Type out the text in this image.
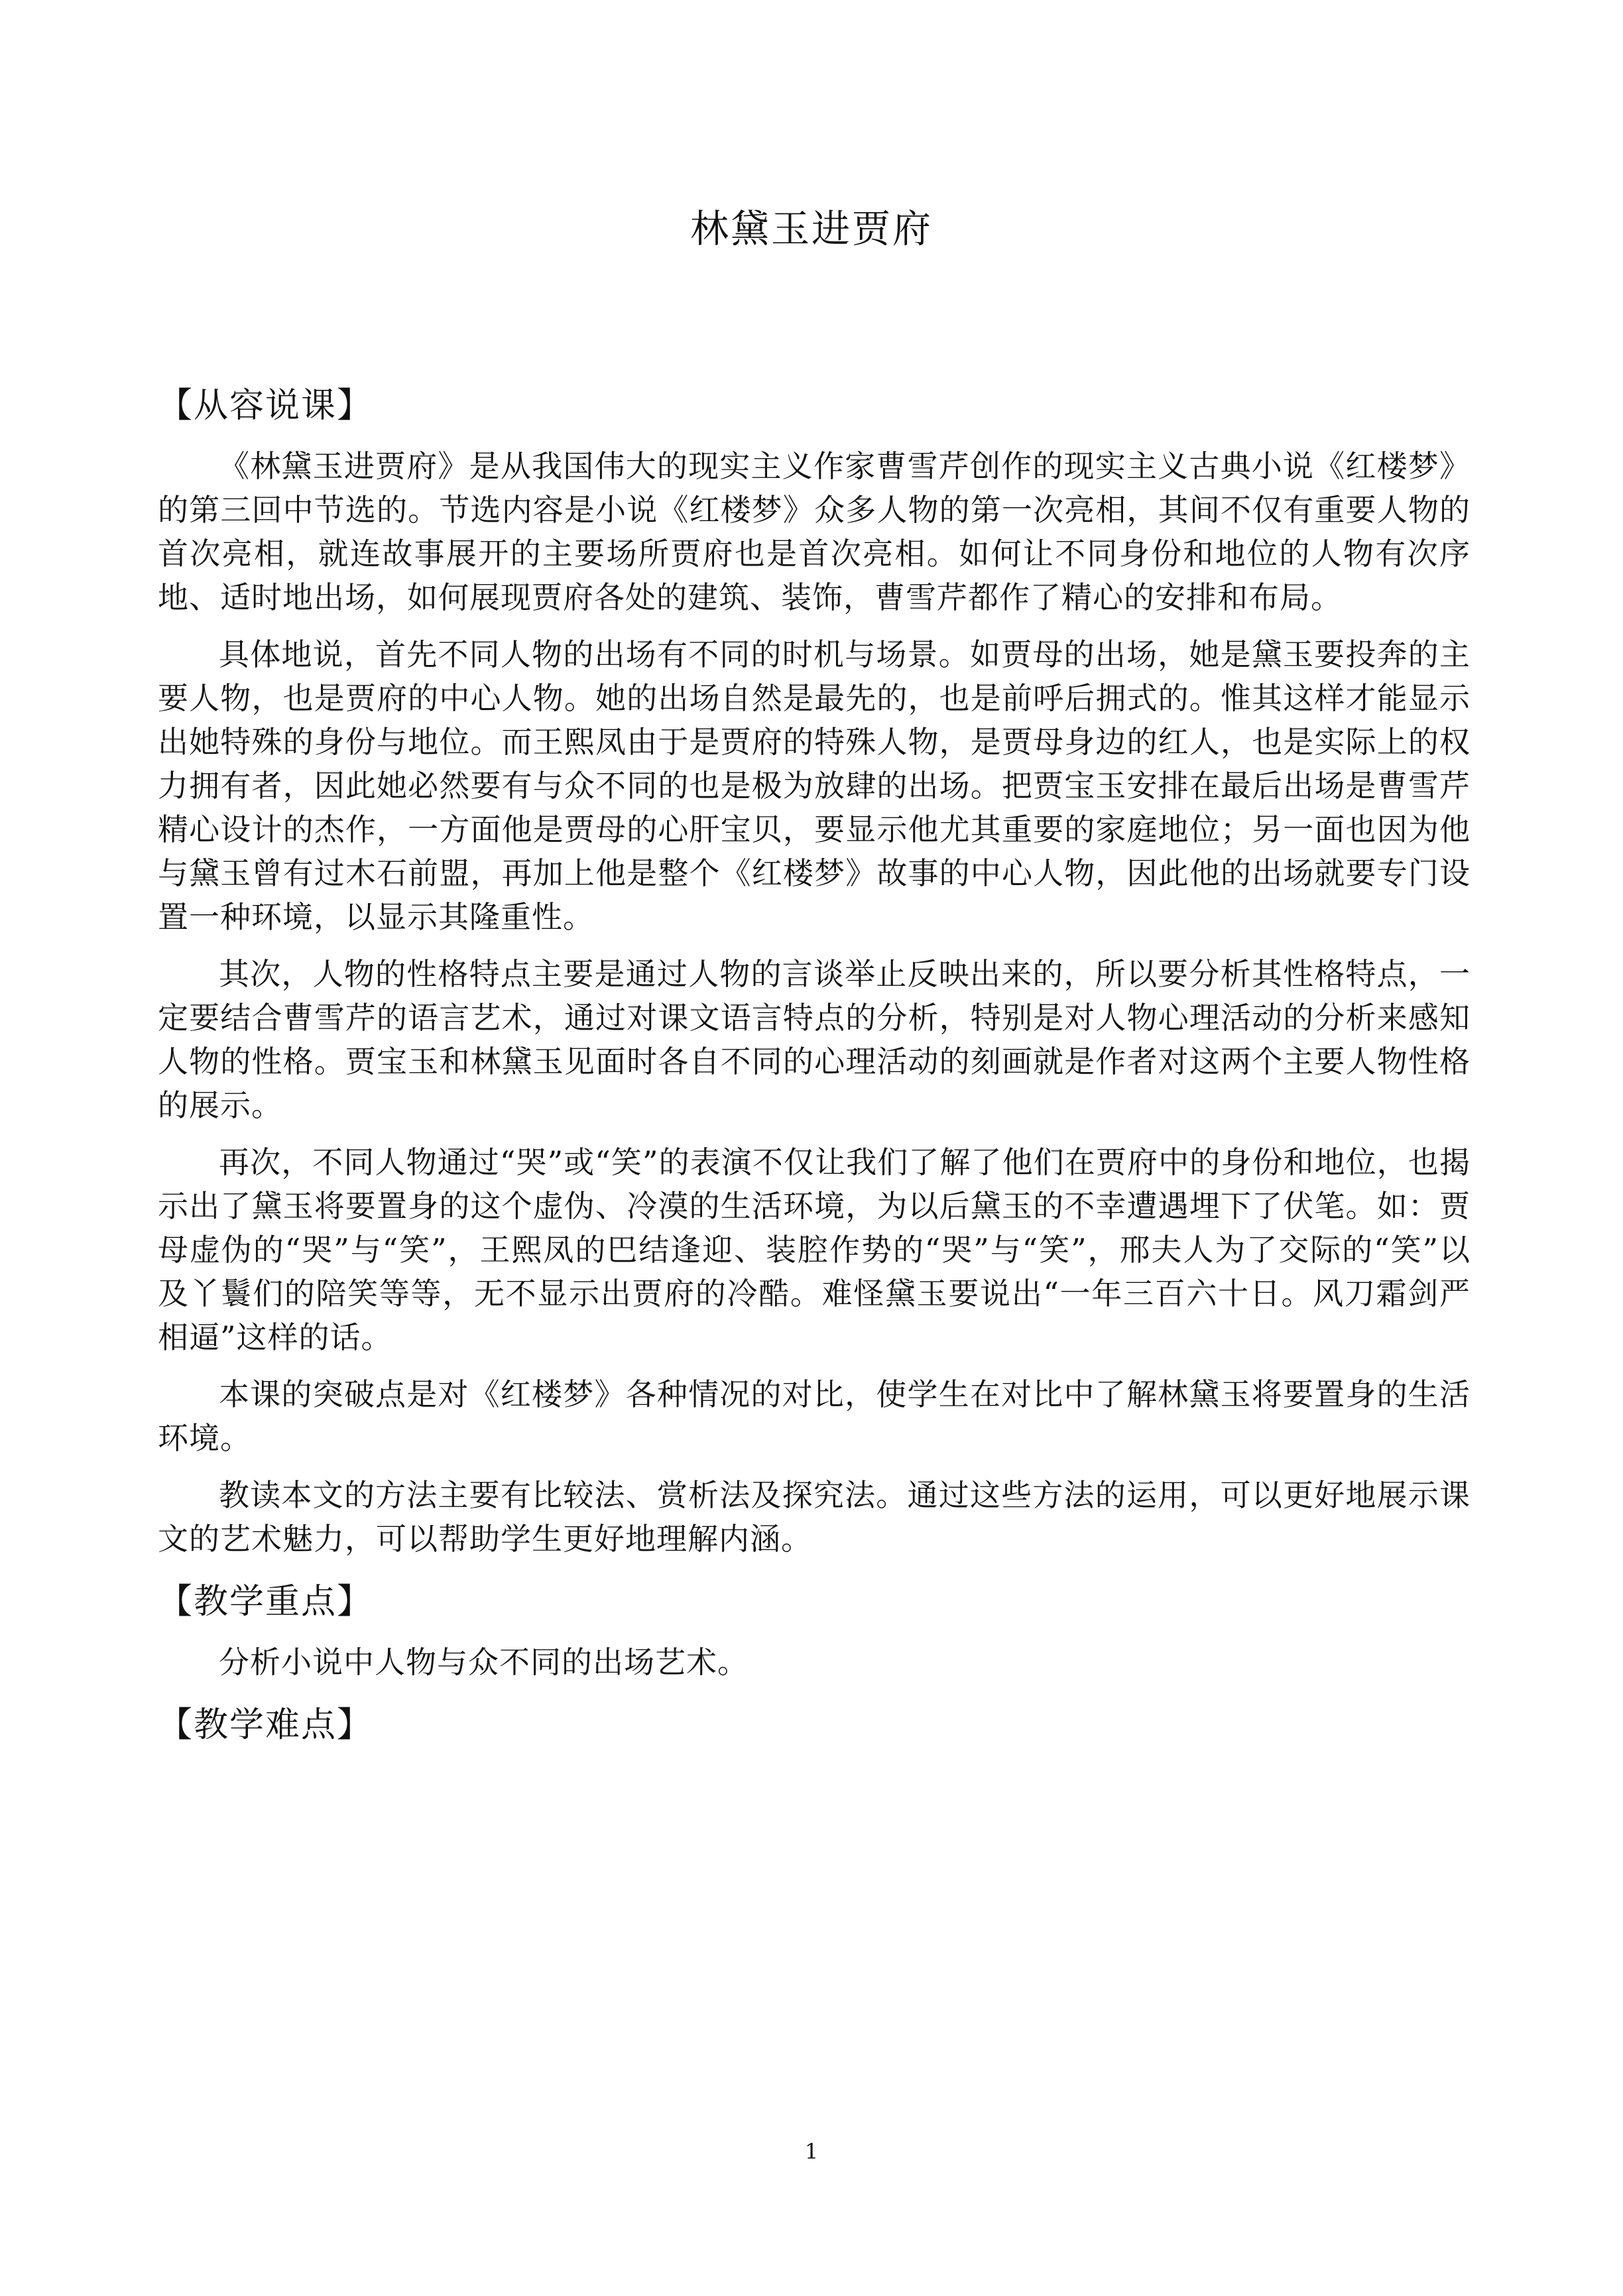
林黛玉进贾府
【从容说课】

《林黛玉进贾府》是从我国伟大的现实主义作家曹雪芹创作的现实主义古典小说《红楼梦》的第三回中节选的。节选内容是小说《红楼梦》众多人物的第一次亮相，其间不仅有重要人物的首次亮相，就连故事展开的主要场所贾府也是首次亮相。如何让不同身份和地位的人物有次序地、适时地出场，如何展现贾府各处的建筑、装饰，曹雪芹都作了精心的安排和布局。

具体地说，首先不同人物的出场有不同的时机与场景。如贾母的出场，她是黛玉要投奔的主要人物，也是贾府的中心人物。她的出场自然是最先的，也是前呼后拥式的。惟其这样才能显示出她特殊的身份与地位。而王熙凤由于是贾府的特殊人物，是贾母身边的红人，也是实际上的权力拥有者，因此她必然要有与众不同的也是极为放肆的出场。把贾宝玉安排在最后出场是曹雪芹精心设计的杰作，一方面他是贾母的心肝宝贝，要显示他尤其重要的家庭地位；另一面也因为他与黛玉曾有过木石前盟，再加上他是整个《红楼梦》故事的中心人物，因此他的出场就要专门设置一种环境，以显示其隆重性。

其次，人物的性格特点主要是通过人物的言谈举止反映出来的，所以要分析其性格特点，一定要结合曹雪芹的语言艺术，通过对课文语言特点的分析，特别是对人物心理活动的分析来感知人物的性格。贾宝玉和林黛玉见面时各自不同的心理活动的刻画就是作者对这两个主要人物性格的展示。

再次，不同人物通过“哭”或“笑”的表演不仅让我们了解了他们在贾府中的身份和地位，也揭示出了黛玉将要置身的这个虚伪、冷漠的生活环境，为以后黛玉的不幸遭遇埋下了伏笔。如：贾母虚伪的“哭”与“笑”，王熙凤的巴结逢迎、装腔作势的“哭”与“笑”，邢夫人为了交际的“笑”以及丫鬟们的陪笑等等，无不显示出贾府的冷酷。难怪黛玉要说出“一年三百六十日。风刀霜剑严相逼”这样的话。

本课的突破点是对《红楼梦》各种情况的对比，使学生在对比中了解林黛玉将要置身的生活环境。

教读本文的方法主要有比较法、赏析法及探究法。通过这些方法的运用，可以更好地展示课文的艺术魅力，可以帮助学生更好地理解内涵。

【教学重点】

分析小说中人物与众不同的出场艺术。

【教学难点】
1
